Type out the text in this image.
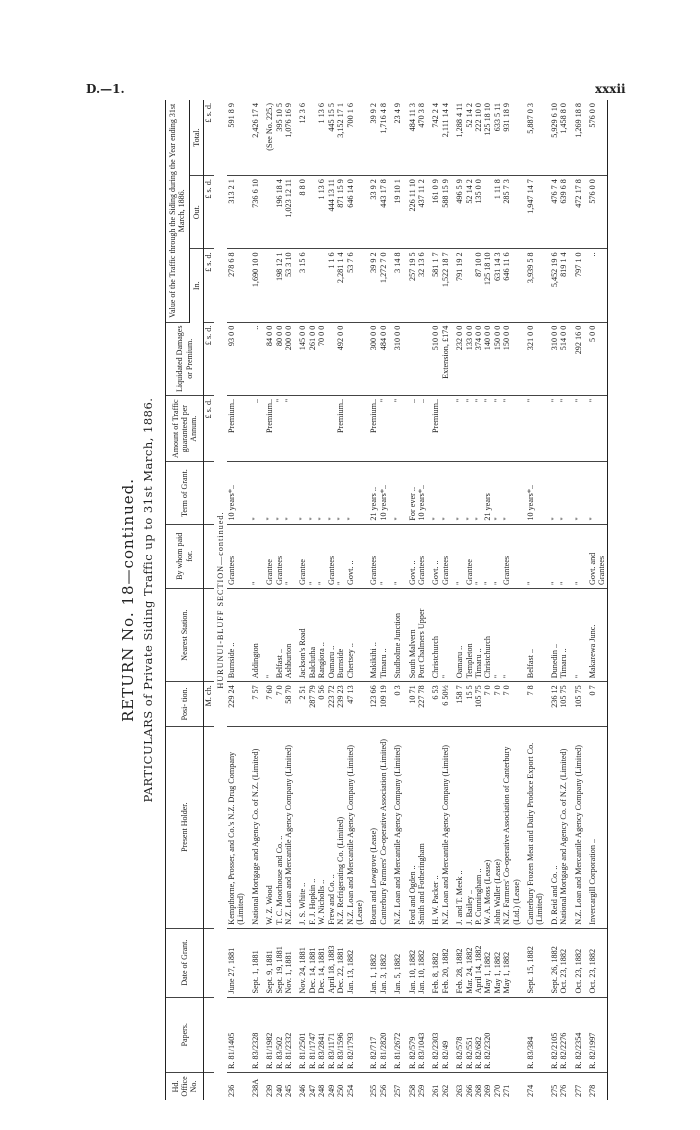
D.—1.	xxxii
RETURN No. 18—continued. PARTICULARS of Private Siding Traffic up to 31st March, 1886.
Hd. Office No.	Papers.	Date of Grant.	Present Holder.	Posi- tion.	Nearest Station.	By whom paid for.	Term of Grant.	Amount of Traffic guaranteed per Annum.	Liquidated Damages or Premium.	Value of the Traffic through the Siding during the Year ending 31st March, 1886.		
										In.	Out.	Total.
				M. ch.				£ s. d.	£ s. d.	£ s. d.	£ s. d.	£ s. d.
HURUNUI-BLUFF SECTION—continued.												
236	R. 81/1405	June 27, 1881	Kempthorne, Prosser, and Co.'s N.Z. Drug Company (Limited)	229 24	Burnside ..	Grantees	10 years*..	Premium..	93 0 0	278 6 8	313 2 1	591 8 9

238A	R. 83/2328	Sept. 1, 1881	National Mortgage and Agency Co. of N.Z. (Limited)	7 57	Addington	"	"	..	..	1,690 10 0	736 6 10	2,426 17 4

239	R. 81/1982	Sept. 9, 1881	W. Z. Wood	7 60	"	Grantee	"	Premium..	84 0 0			(See No. 225.)
240	R. 83/502	Sept. 19, 1881	T. C. Moorhouse and Co. ..	7 0	Belfast ..	Grantees	"	"	80 0 0	198 12 1	196 18 4	395 10 5
245	R. 81/2332	Nov. 1, 1881	N.Z. Loan and Mercantile Agency Company (Limited)	58 70	Ashburton	"	"	"	200 0 0	53 3 10	1,023 12 11	1,076 16 9

246	R. 81/2501	Nov. 24, 1881	J. S. White ..	2 51	Jackson's Road	Grantee	"		145 0 0	3 15 6	8 8 0	12 3 6
247	R. 81/1747	Dec. 14, 1881	F. J. Hopkin ..	287 79	Balclutha	"	"		261 0 0			
248	R. 83/2841	Dec. 14, 1881	W. Nicholls ..	0 56	Rangiora ..	"	"		70 0 0		1 13 6	1 13 6
249	R. 83/1171	April 18, 1883	Frew and Co. ..	223 72	Oamaru ..	Grantees	"			1 1 6	444 13 11	445 15 5
250	R. 83/1596	Dec. 22, 1881	N.Z. Refrigerating Co. (Limited)	239 23	Burnside	"	"	Premium..	492 0 0	2,281 1 4	871 15 9	3,152 17 1
254	R. 82/1793	Jan. 13, 1882	N.Z. Loan and Mercantile Agency Company (Limited) (Lease)	47 13	Chertsey ..	Govt. ..	"			53 7 6	646 14 0	700 1 6

255	R. 82/717	Jan. 1, 1882	Bourn and Lowgrove (Lease)	123 66	Makikihi ..	Grantees	21 years ..	Premium..	300 0 0	39 9 2	33 9 2	39 9 2
256	R. 81/2820	Jan. 3, 1882	Canterbury Farmers' Co-operative Association (Limited)	109 19	Timaru ..	"	10 years*..	"	484 0 0	1,272 7 0	443 17 8	1,716 4 8

257	R. 81/2672	Jan. 5, 1882	N.Z. Loan and Mercantile Agency Company (Limited)	0 3	Studholme Junction	"	"	"	310 0 0	3 14 8	19 10 1	23 4 9

258	R. 82/579	Jan. 10, 1882	Ford and Ogden ..	10 71	South Malvern	Govt. ..	For ever ..	..		257 19 5	226 11 10	484 11 3
259	R. 83/1043	Jan. 10, 1882	Smith and Fotheringham	227 78	Port Chalmers Upper	Grantees	10 years*..	..		32 13 6	437 11 2	470 3 8

261	R. 82/2303	Feb. 8, 1882	H. W. Packer ..	6 53	Christchurch	Govt. ..	"	Premium..	510 0 0	581 1 7	161 0 9	742 2 4
262	R. 82/49	Feb. 20, 1882	N.Z. Loan and Mercantile Agency Company (Limited)	6 50½	"	Grantees	"		Extension, £174	1,522 18 7	588 15 9	2,111 14 4

263	R. 82/578	Feb. 28, 1882	J. and T. Meek ..	158 7	Oamaru ..	"	"	"	232 0 0	791 19 2	496 5 9	1,288 4 11
266	R. 82/551	Mar. 24, 1882	J. Bailey ..	15 5	Templeton	Grantee	"	"	133 0 0		52 14 2	52 14 2
268	R. 82/682	April 14, 1882	P. Cunningham ..	105 75	Timaru ..	"	"	"	374 0 0	87 10 0	135 0 0	222 10 0
269	R. 82/2320	May 1, 1882	W. A. Moss (Lease)	7 0	Christchurch	"	21 years	"	140 0 0	125 18 10		125 18 10
270		May 1, 1882	John Waller (Lease)	7 0	"	"	"	"	150 0 0	631 14 3	1 11 8	633 5 11
271		May 1, 1882	N.Z. Farmers' Co-operative Association of Canterbury (Ltd.) (Lease)	7 0	"	Grantees	"	"	150 0 0	646 11 6	285 7 3	931 18 9

274	R. 83/384	Sept. 15, 1882	Canterbury Frozen Meat and Dairy Produce Export Co. (Limited)	7 8	Belfast ..	"	10 years*..	"	321 0 0	3,939 5 8	1,947 14 7	5,887 0 3

275	R. 82/2105	Sept. 26, 1882	D. Reid and Co. ..	236 12	Dunedin ..	"	"	"	310 0 0	5,452 19 6	476 7 4	5,929 6 10
276	R. 82/2276	Oct. 23, 1882	National Mortgage and Agency Co. of N.Z. (Limited)	105 75	Timaru ..	"	"	"	514 0 0	819 1 4	639 6 8	1,458 8 0

277	R. 82/2354	Oct. 23, 1882	N.Z. Loan and Mercantile Agency Company (Limited)	105 75	"	"	"	"	292 16 0	797 1 0	472 17 8	1,269 18 8

278	R. 82/1997	Oct. 23, 1882	Invercargill Corporation ..	0 7	Makarewa Junc.	Govt. and Grantees	"	"	5 0 0	..	576 0 0	576 0 0
